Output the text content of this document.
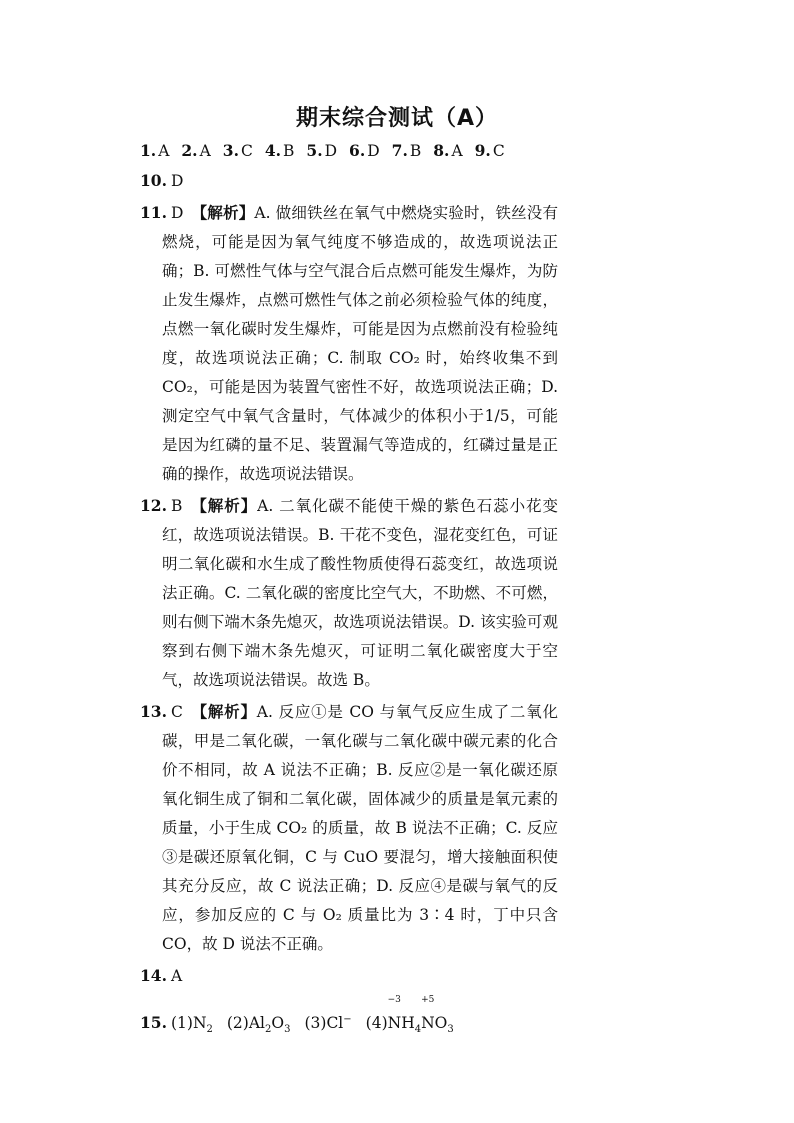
期末综合测试（A）
1. A 2. A 3. C 4. B 5. D 6. D 7. B 8. A 9. C
10. D
11. D 【解析】A. 做细铁丝在氧气中燃烧实验时，铁丝没有燃烧，可能是因为氧气纯度不够造成的，故选项说法正确；B. 可燃性气体与空气混合后点燃可能发生爆炸，为防止发生爆炸，点燃可燃性气体之前必须检验气体的纯度，点燃一氧化碳时发生爆炸，可能是因为点燃前没有检验纯度，故选项说法正确；C. 制取 CO₂ 时，始终收集不到 CO₂，可能是因为装置气密性不好，故选项说法正确；D. 测定空气中氧气含量时，气体减少的体积小于1/5，可能是因为红磷的量不足、装置漏气等造成的，红磷过量是正确的操作，故选项说法错误。
12. B 【解析】A. 二氧化碳不能使干燥的紫色石蕊小花变红，故选项说法错误。B. 干花不变色，湿花变红色，可证明二氧化碳和水生成了酸性物质使得石蕊变红，故选项说法正确。C. 二氧化碳的密度比空气大，不助燃、不可燃，则右侧下端木条先熄灭，故选项说法错误。D. 该实验可观察到右侧下端木条先熄灭，可证明二氧化碳密度大于空气，故选项说法错误。故选 B。
13. C 【解析】A. 反应①是 CO 与氧气反应生成了二氧化碳，甲是二氧化碳，一氧化碳与二氧化碳中碳元素的化合价不相同，故 A 说法不正确；B. 反应②是一氧化碳还原氧化铜生成了铜和二氧化碳，固体减少的质量是氧元素的质量，小于生成 CO₂ 的质量，故 B 说法不正确；C. 反应③是碳还原氧化铜，C 与 CuO 要混匀，增大接触面积使其充分反应，故 C 说法正确；D. 反应④是碳与氧气的反应，参加反应的 C 与 O₂ 质量比为 3∶4 时，丁中只含 CO，故 D 说法不正确。
14. A
15. $(1)N_2$ $(2)Al_2O_3$ (3)Cl− (4)
−3
$NH_4$
+5
$NO_3$
